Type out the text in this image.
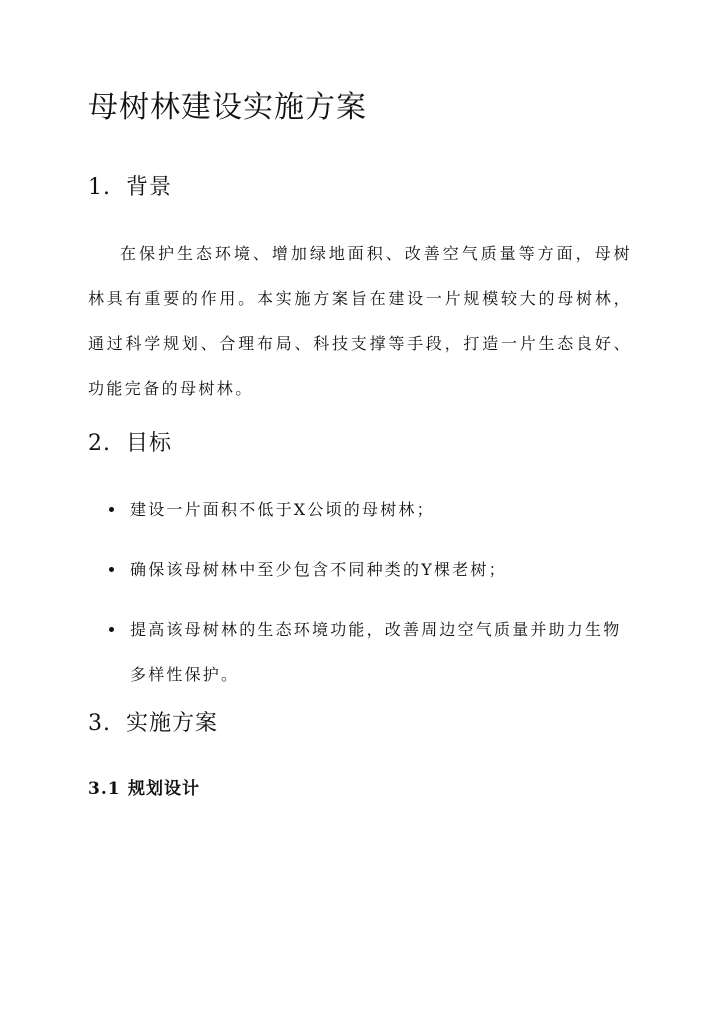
母树林建设实施方案
1. 背景

在保护生态环境、增加绿地面积、改善空气质量等方面，母树林具有重要的作用。本实施方案旨在建设一片规模较大的母树林，通过科学规划、合理布局、科技支撑等手段，打造一片生态良好、功能完备的母树林。

2. 目标
建设一片面积不低于X公顷的母树林；
确保该母树林中至少包含不同种类的Y棵老树；
提高该母树林的生态环境功能，改善周边空气质量并助力生物多样性保护。
3. 实施方案
3.1 规划设计
